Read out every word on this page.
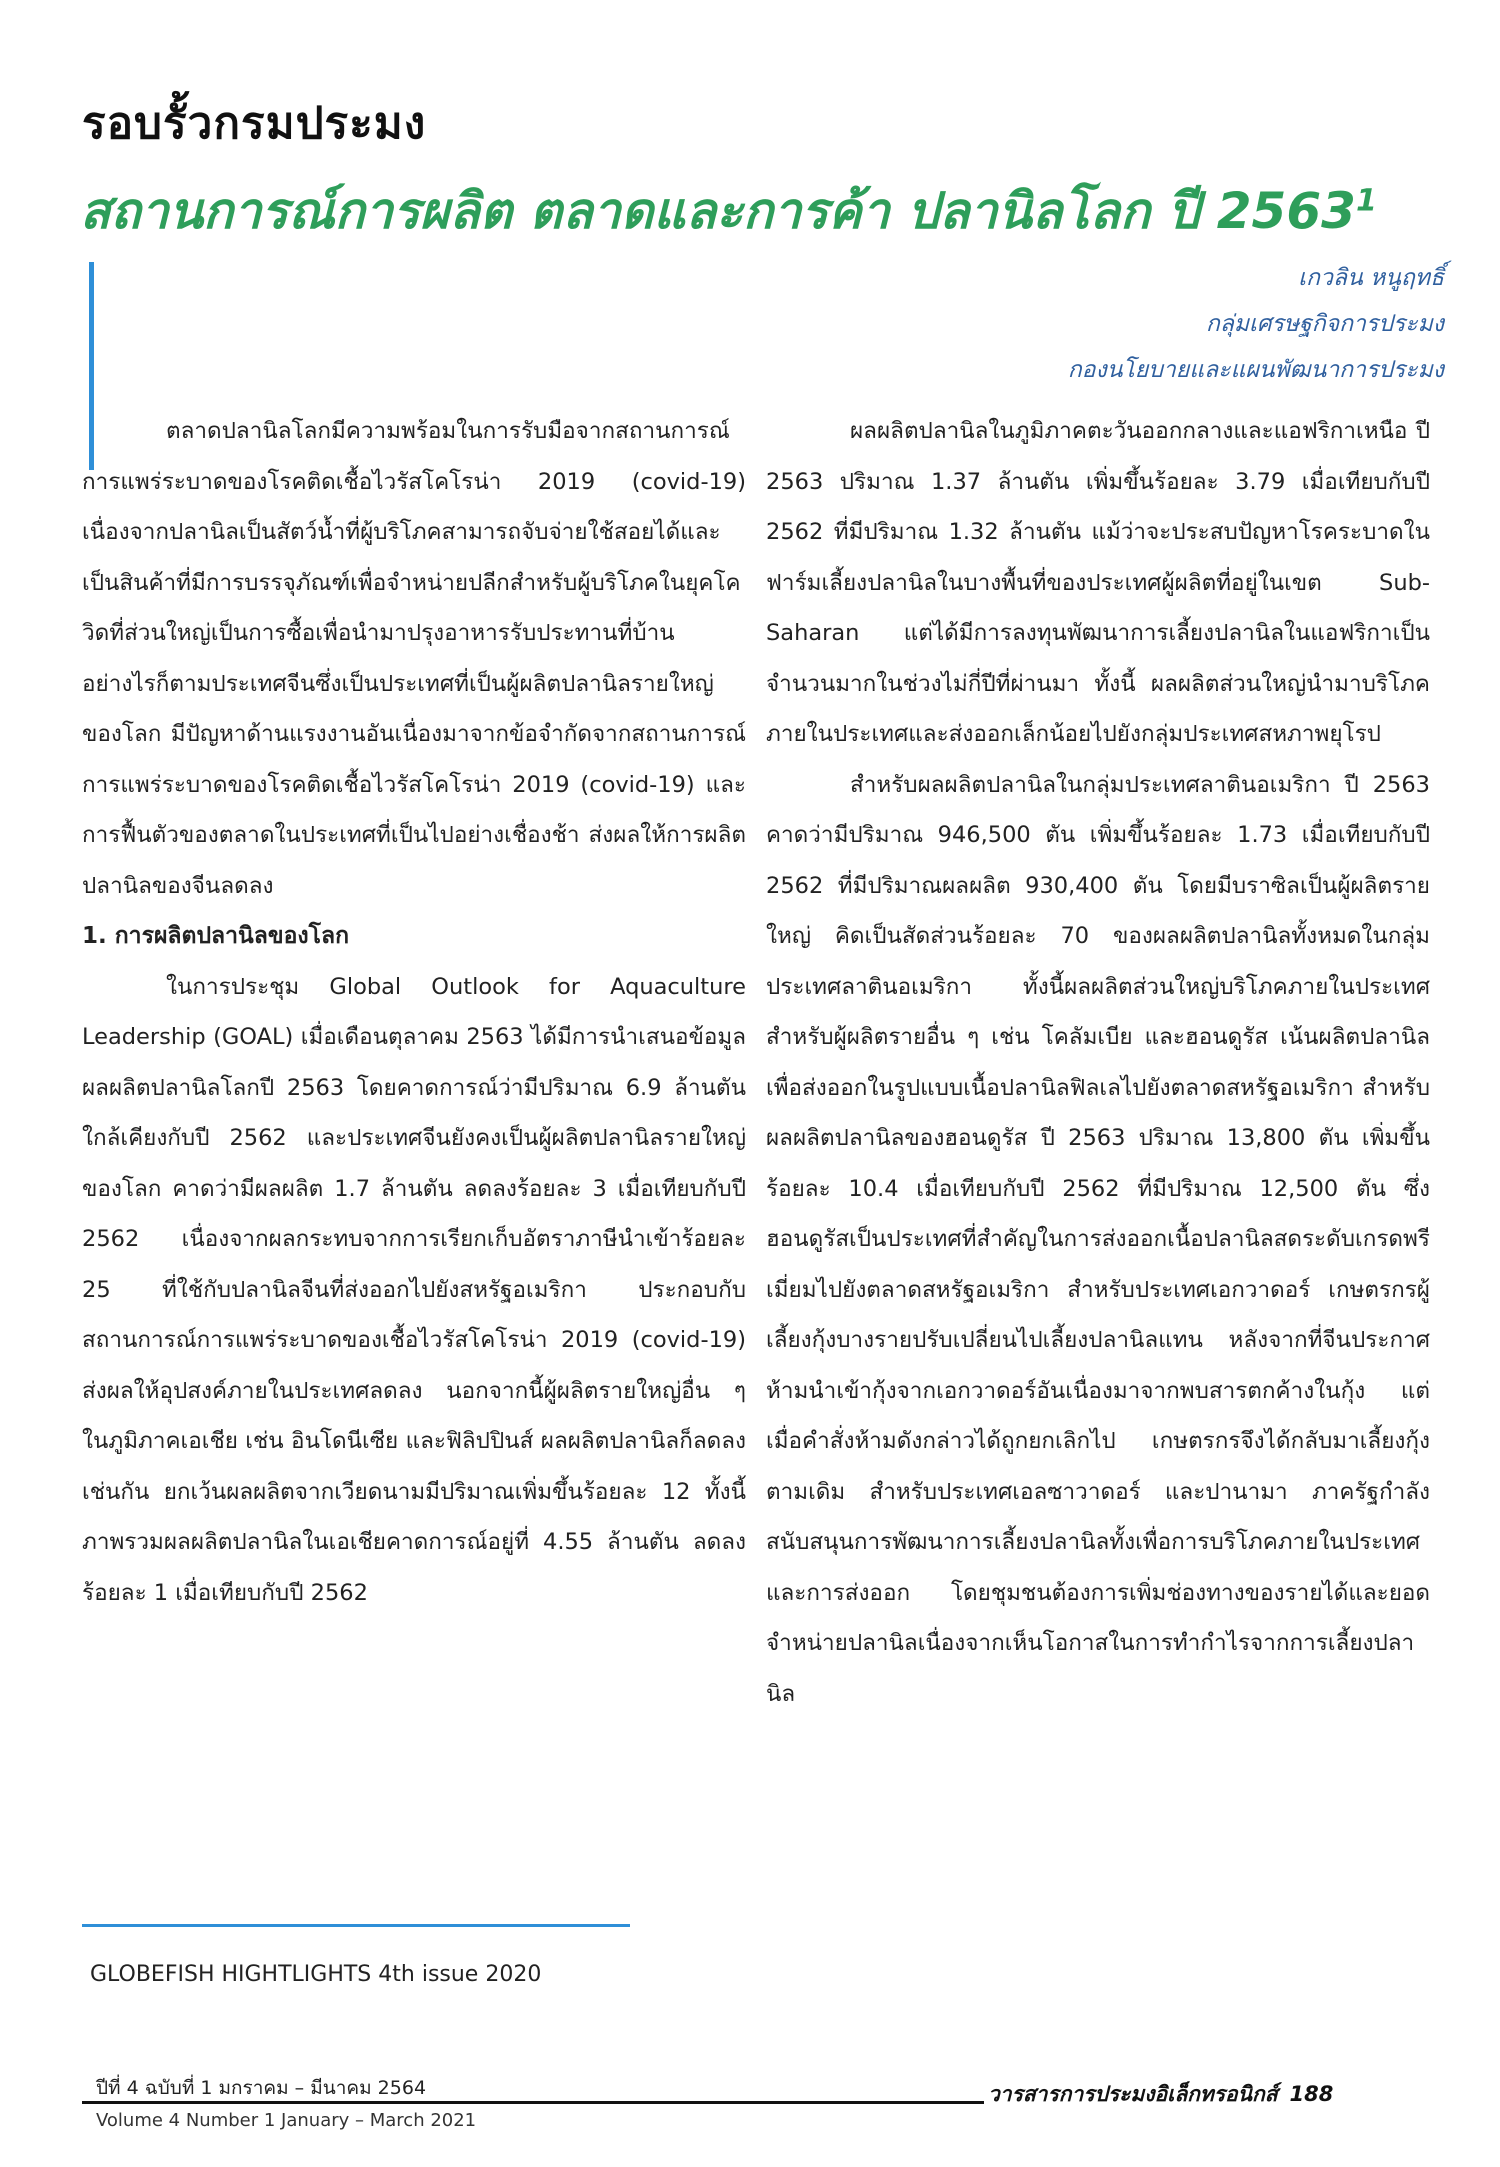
รอบรั้วกรมประมง
สถานการณ์การผลิต ตลาดและการค้า ปลานิลโลก ปี 2563$^1$
เกวลิน หนูฤทธิ์
กลุ่มเศรษฐกิจการประมง
กองนโยบายและแผนพัฒนาการประมง

ตลาดปลานิลโลกมีความพร้อมในการรับมือจากสถานการณ์การแพร่ระบาดของโรคติดเชื้อไวรัสโคโรน่า 2019 (covid-19) เนื่องจากปลานิลเป็นสัตว์น้ำที่ผู้บริโภคสามารถจับจ่ายใช้สอยได้และเป็นสินค้าที่มีการบรรจุภัณฑ์เพื่อจำหน่ายปลีกสำหรับผู้บริโภคในยุคโควิดที่ส่วนใหญ่เป็นการซื้อเพื่อนำมาปรุงอาหารรับประทานที่บ้าน อย่างไรก็ตามประเทศจีนซึ่งเป็นประเทศที่เป็นผู้ผลิตปลานิลรายใหญ่ของโลก มีปัญหาด้านแรงงานอันเนื่องมาจากข้อจำกัดจากสถานการณ์การแพร่ระบาดของโรคติดเชื้อไวรัสโคโรน่า 2019 (covid-19) และการฟื้นตัวของตลาดในประเทศที่เป็นไปอย่างเชื่องช้า ส่งผลให้การผลิตปลานิลของจีนลดลง

1. การผลิตปลานิลของโลก

ในการประชุม Global Outlook for Aquaculture Leadership (GOAL) เมื่อเดือนตุลาคม 2563 ได้มีการนำเสนอข้อมูลผลผลิตปลานิลโลกปี 2563 โดยคาดการณ์ว่ามีปริมาณ 6.9 ล้านตัน ใกล้เคียงกับปี 2562 และประเทศจีนยังคงเป็นผู้ผลิตปลานิลรายใหญ่ของโลก คาดว่ามีผลผลิต 1.7 ล้านตัน ลดลงร้อยละ 3 เมื่อเทียบกับปี 2562 เนื่องจากผลกระทบจากการเรียกเก็บอัตราภาษีนำเข้าร้อยละ 25 ที่ใช้กับปลานิลจีนที่ส่งออกไปยังสหรัฐอเมริกา ประกอบกับสถานการณ์การแพร่ระบาดของเชื้อไวรัสโคโรน่า 2019 (covid-19) ส่งผลให้อุปสงค์ภายในประเทศลดลง นอกจากนี้ผู้ผลิตรายใหญ่อื่น ๆ ในภูมิภาคเอเชีย เช่น อินโดนีเซีย และฟิลิปปินส์ ผลผลิตปลานิลก็ลดลงเช่นกัน ยกเว้นผลผลิตจากเวียดนามมีปริมาณเพิ่มขึ้นร้อยละ 12 ทั้งนี้ ภาพรวมผลผลิตปลานิลในเอเชียคาดการณ์อยู่ที่ 4.55 ล้านตัน ลดลงร้อยละ 1 เมื่อเทียบกับปี 2562

ผลผลิตปลานิลในภูมิภาคตะวันออกกลางและแอฟริกาเหนือ ปี 2563 ปริมาณ 1.37 ล้านตัน เพิ่มขึ้นร้อยละ 3.79 เมื่อเทียบกับปี 2562 ที่มีปริมาณ 1.32 ล้านตัน แม้ว่าจะประสบปัญหาโรคระบาดในฟาร์มเลี้ยงปลานิลในบางพื้นที่ของประเทศผู้ผลิตที่อยู่ในเขต Sub-Saharan แต่ได้มีการลงทุนพัฒนาการเลี้ยงปลานิลในแอฟริกาเป็นจำนวนมากในช่วงไม่กี่ปีที่ผ่านมา ทั้งนี้ ผลผลิตส่วนใหญ่นำมาบริโภคภายในประเทศและส่งออกเล็กน้อยไปยังกลุ่มประเทศสหภาพยุโรป

สำหรับผลผลิตปลานิลในกลุ่มประเทศลาตินอเมริกา ปี 2563 คาดว่ามีปริมาณ 946,500 ตัน เพิ่มขึ้นร้อยละ 1.73 เมื่อเทียบกับปี 2562 ที่มีปริมาณผลผลิต 930,400 ตัน โดยมีบราซิลเป็นผู้ผลิตรายใหญ่ คิดเป็นสัดส่วนร้อยละ 70 ของผลผลิตปลานิลทั้งหมดในกลุ่มประเทศลาตินอเมริกา ทั้งนี้ผลผลิตส่วนใหญ่บริโภคภายในประเทศ สำหรับผู้ผลิตรายอื่น ๆ เช่น โคลัมเบีย และฮอนดูรัส เน้นผลิตปลานิลเพื่อส่งออกในรูปแบบเนื้อปลานิลฟิลเลไปยังตลาดสหรัฐอเมริกา สำหรับผลผลิตปลานิลของฮอนดูรัส ปี 2563 ปริมาณ 13,800 ตัน เพิ่มขึ้นร้อยละ 10.4 เมื่อเทียบกับปี 2562 ที่มีปริมาณ 12,500 ตัน ซึ่งฮอนดูรัสเป็นประเทศที่สำคัญในการส่งออกเนื้อปลานิลสดระดับเกรดพรีเมี่ยมไปยังตลาดสหรัฐอเมริกา สำหรับประเทศเอกวาดอร์ เกษตรกรผู้เลี้ยงกุ้งบางรายปรับเปลี่ยนไปเลี้ยงปลานิลแทน หลังจากที่จีนประกาศห้ามนำเข้ากุ้งจากเอกวาดอร์อันเนื่องมาจากพบสารตกค้างในกุ้ง แต่เมื่อคำสั่งห้ามดังกล่าวได้ถูกยกเลิกไป เกษตรกรจึงได้กลับมาเลี้ยงกุ้งตามเดิม สำหรับประเทศเอลซาวาดอร์ และปานามา ภาครัฐกำลังสนับสนุนการพัฒนาการเลี้ยงปลานิลทั้งเพื่อการบริโภคภายในประเทศ และการส่งออก โดยชุมชนต้องการเพิ่มช่องทางของรายได้และยอดจำหน่ายปลานิลเนื่องจากเห็นโอกาสในการทำกำไรจากการเลี้ยงปลานิล

GLOBEFISH HIGHTLIGHTS 4th issue 2020
ปีที่ 4 ฉบับที่ 1 มกราคม – มีนาคม 2564
Volume 4 Number 1 January – March 2021
วารสารการประมงอิเล็กทรอนิกส์ 188
